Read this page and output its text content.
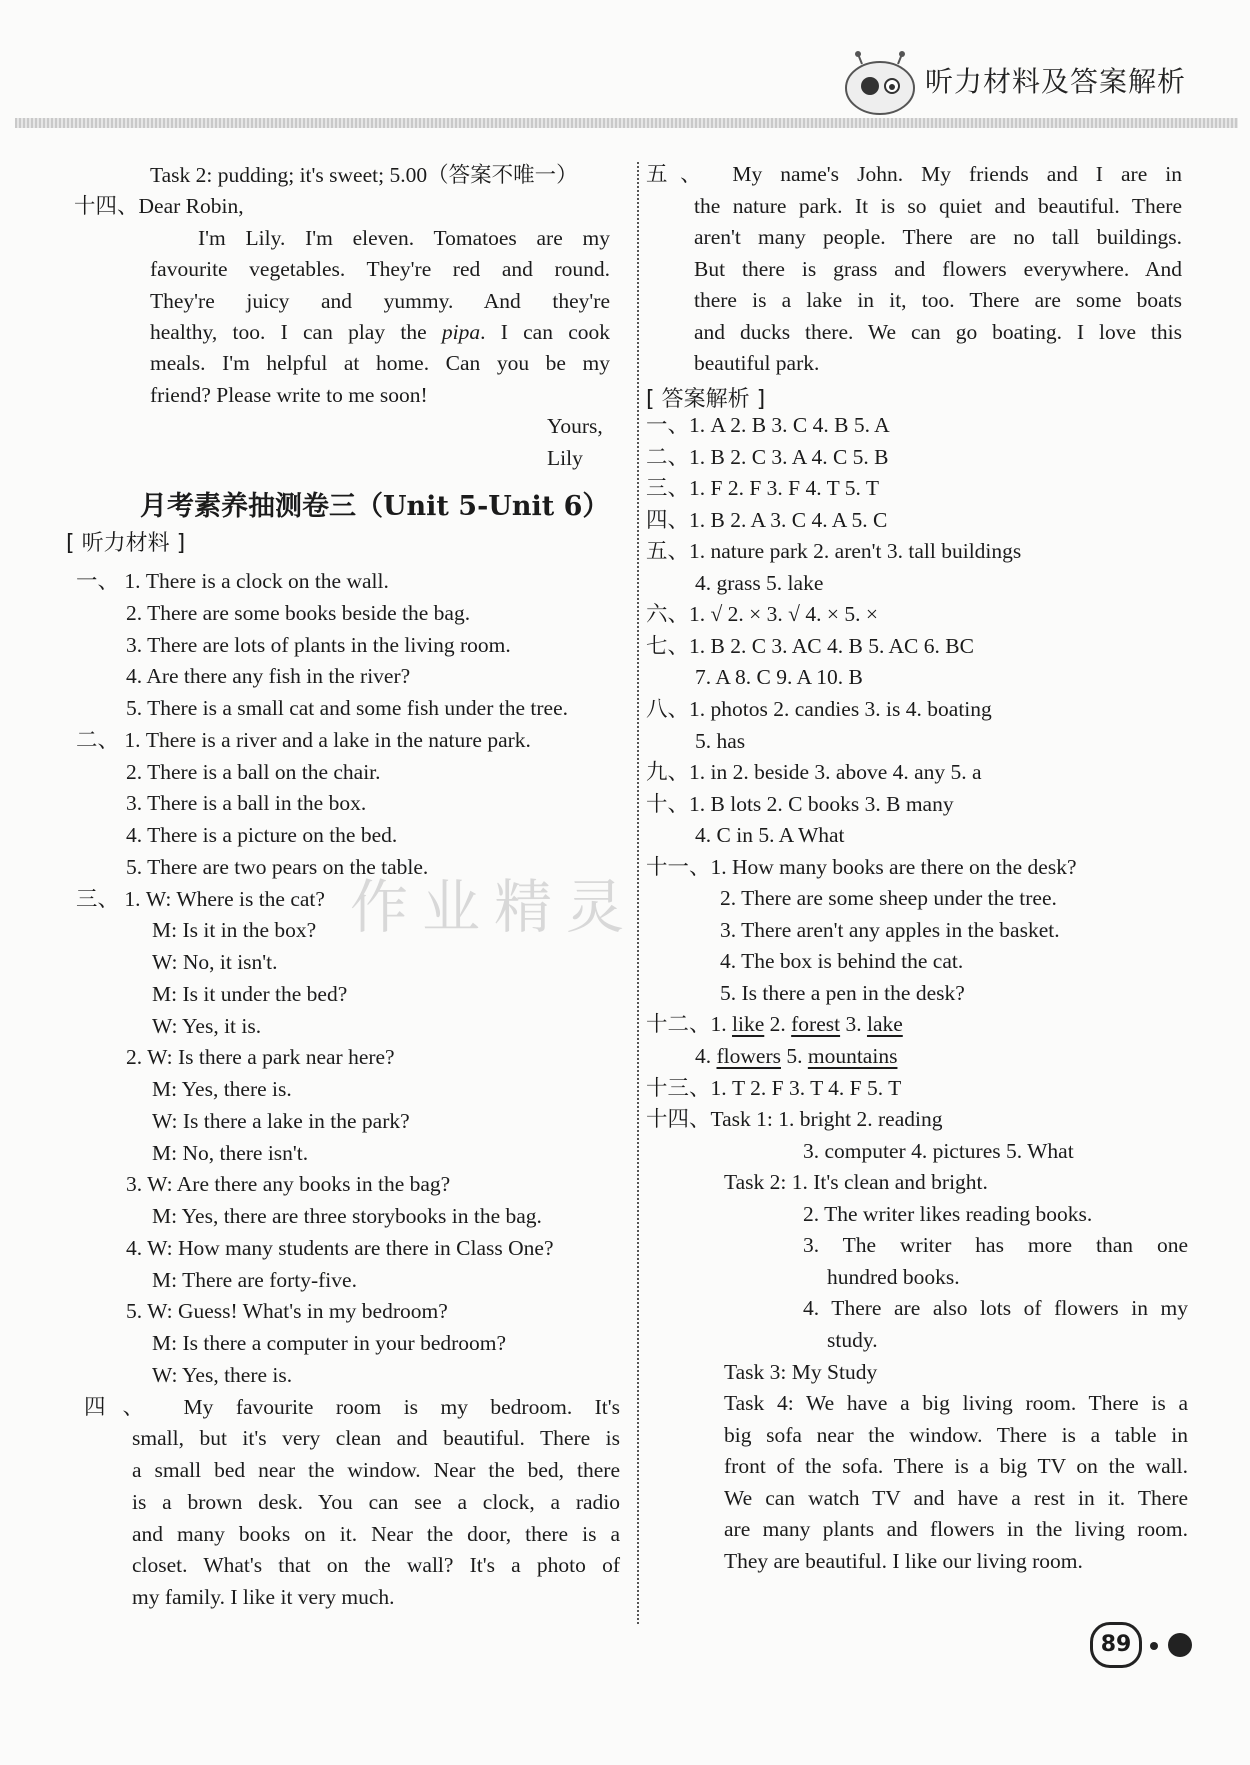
听力材料及答案解析
Task 2: pudding; it's sweet; 5.00（答案不唯一）
十四、Dear Robin,
I'm Lily. I'm eleven. Tomatoes are my
favourite vegetables. They're red and round.
They're juicy and yummy. And they're
healthy, too. I can play the pipa. I can cook
meals. I'm helpful at home. Can you be my
friend? Please write to me soon!
Yours,
Lily
一、 1. There is a clock on the wall.
2. There are some books beside the bag.
3. There are lots of plants in the living room.
4. Are there any fish in the river?
5. There is a small cat and some fish under the tree.
二、 1. There is a river and a lake in the nature park.
2. There is a ball on the chair.
3. There is a ball in the box.
4. There is a picture on the bed.
5. There are two pears on the table.
三、 1. W: Where is the cat?
M: Is it in the box?
W: No, it isn't.
M: Is it under the bed?
W: Yes, it is.
2. W: Is there a park near here?
M: Yes, there is.
W: Is there a lake in the park?
M: No, there isn't.
3. W: Are there any books in the bag?
M: Yes, there are three storybooks in the bag.
4. W: How many students are there in Class One?
M: There are forty-five.
5. W: Guess! What's in my bedroom?
M: Is there a computer in your bedroom?
W: Yes, there is.
四、 My favourite room is my bedroom. It's
small, but it's very clean and beautiful. There is
a small bed near the window. Near the bed, there
is a brown desk. You can see a clock, a radio
and many books on it. Near the door, there is a
closet. What's that on the wall? It's a photo of
my family. I like it very much.
月考素养抽测卷三（Unit 5-Unit 6）
[ 听力材料 ]
五、 My name's John. My friends and I are in
the nature park. It is so quiet and beautiful. There
aren't many people. There are no tall buildings.
But there is grass and flowers everywhere. And
there is a lake in it, too. There are some boats
and ducks there. We can go boating. I love this
beautiful park.
一、1. A 2. B 3. C 4. B 5. A
二、1. B 2. C 3. A 4. C 5. B
三、1. F 2. F 3. F 4. T 5. T
四、1. B 2. A 3. C 4. A 5. C
五、1. nature park 2. aren't 3. tall buildings
4. grass 5. lake
六、1. √ 2. × 3. √ 4. × 5. ×
七、1. B 2. C 3. AC 4. B 5. AC 6. BC
7. A 8. C 9. A 10. B
八、1. photos 2. candies 3. is 4. boating
5. has
九、1. in 2. beside 3. above 4. any 5. a
十、1. B lots 2. C books 3. B many
4. C in 5. A What
十一、1. How many books are there on the desk?
2. There are some sheep under the tree.
3. There aren't any apples in the basket.
4. The box is behind the cat.
5. Is there a pen in the desk?
十二、1. like 2. forest 3. lake
4. flowers 5. mountains
十三、1. T 2. F 3. T 4. F 5. T
十四、Task 1: 1. bright 2. reading
3. computer 4. pictures 5. What
Task 2: 1. It's clean and bright.
2. The writer likes reading books.
3. The writer has more than one
hundred books.
4. There are also lots of flowers in my
study.
Task 3: My Study
Task 4: We have a big living room. There is a
big sofa near the window. There is a table in
front of the sofa. There is a big TV on the wall.
We can watch TV and have a rest in it. There
are many plants and flowers in the living room.
They are beautiful. I like our living room.
[ 答案解析 ]
作业精灵
89
